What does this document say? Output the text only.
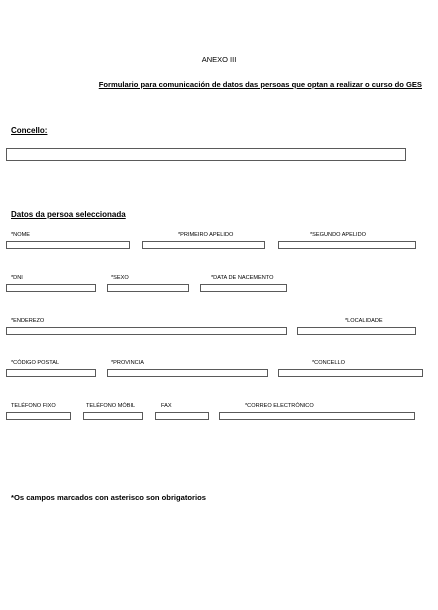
ANEXO III
Formulario para comunicación de datos das persoas que optan a realizar o curso do GES
Concello:
Datos da persoa seleccionada
*NOME	*PRIMEIRO APELIDO	*SEGUNDO APELIDO
*DNI	*SEXO	*DATA DE NACEMENTO
*ENDEREZO	*LOCALIDADE
*CÓDIGO POSTAL	*PROVINCIA	*CONCELLO
TELÉFONO FIXO	TELÉFONO MÓBIL	FAX	*CORREO ELECTRÓNICO
*Os campos marcados con asterisco son obrigatorios
